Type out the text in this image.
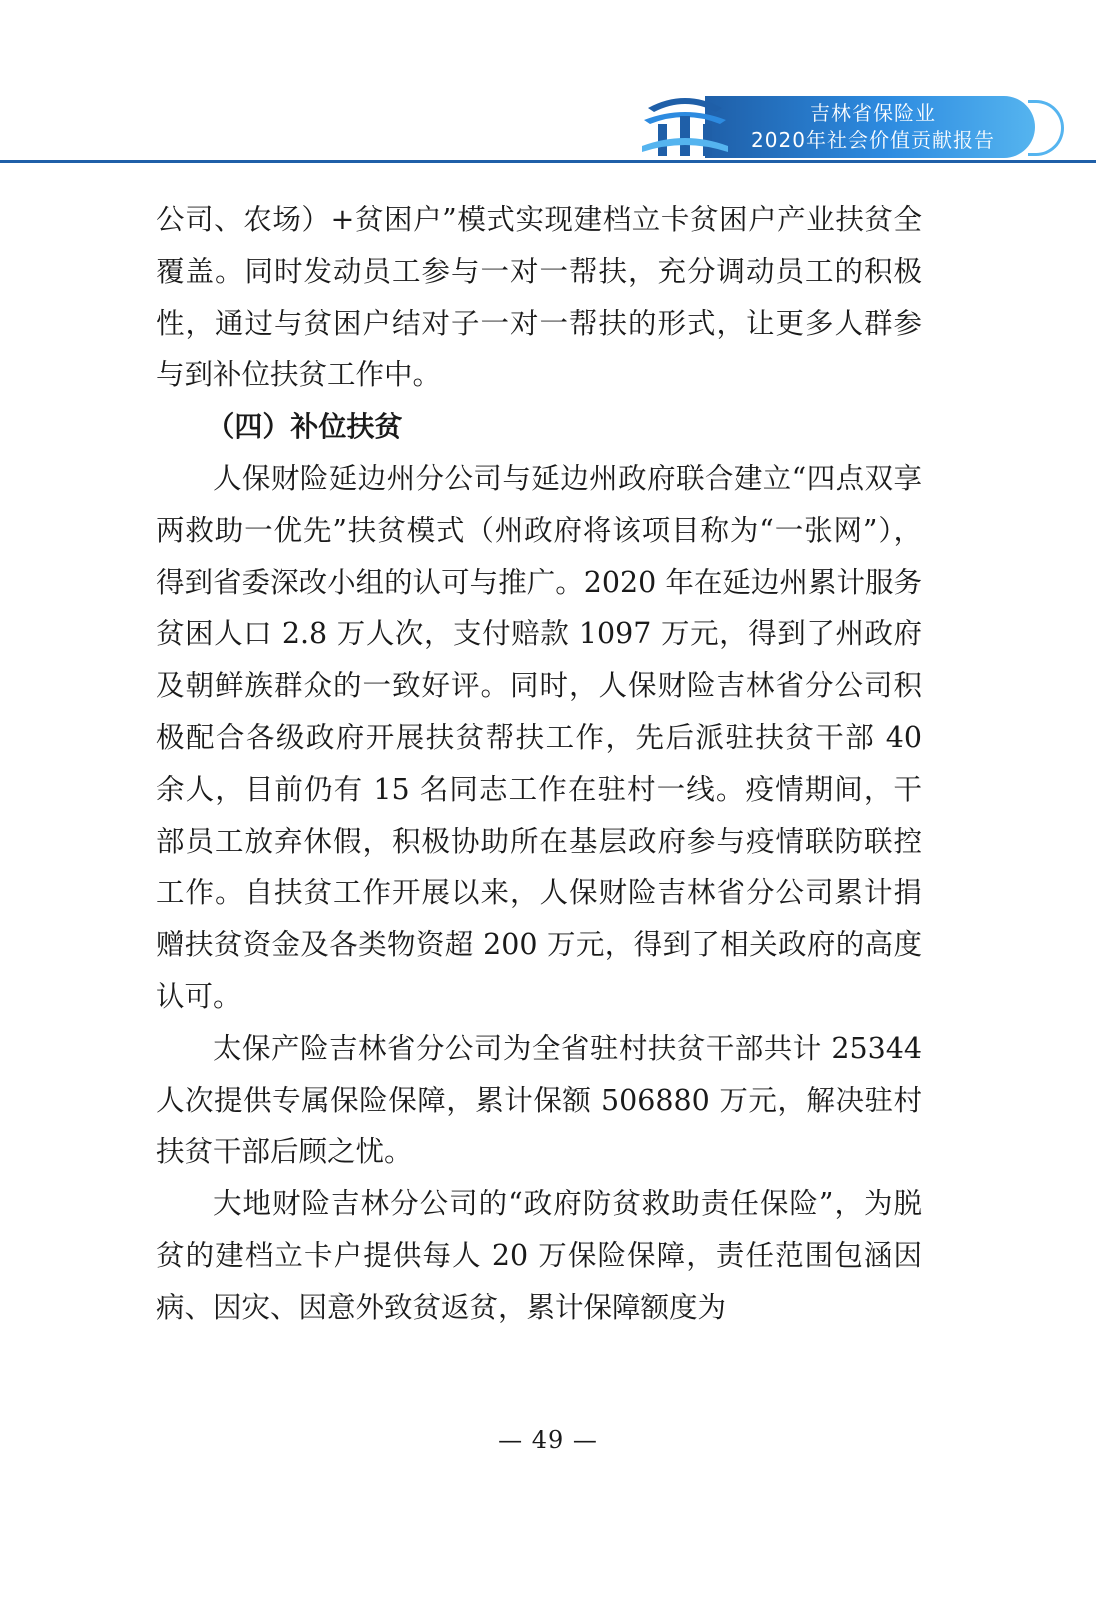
吉林省保险业
2020年社会价值贡献报告

公司、农场）+贫困户”模式实现建档立卡贫困户产业扶贫全覆盖。同时发动员工参与一对一帮扶，充分调动员工的积极性，通过与贫困户结对子一对一帮扶的形式，让更多人群参与到补位扶贫工作中。

（四）补位扶贫

人保财险延边州分公司与延边州政府联合建立“四点双享两救助一优先”扶贫模式（州政府将该项目称为“一张网”），得到省委深改小组的认可与推广。2020 年在延边州累计服务贫困人口 2.8 万人次，支付赔款 1097 万元，得到了州政府及朝鲜族群众的一致好评。同时，人保财险吉林省分公司积极配合各级政府开展扶贫帮扶工作，先后派驻扶贫干部 40 余人，目前仍有 15 名同志工作在驻村一线。疫情期间，干部员工放弃休假，积极协助所在基层政府参与疫情联防联控工作。自扶贫工作开展以来，人保财险吉林省分公司累计捐赠扶贫资金及各类物资超 200 万元，得到了相关政府的高度认可。

太保产险吉林省分公司为全省驻村扶贫干部共计 25344 人次提供专属保险保障，累计保额 506880 万元，解决驻村扶贫干部后顾之忧。

大地财险吉林分公司的“政府防贫救助责任保险”，为脱贫的建档立卡户提供每人 20 万保险保障，责任范围包涵因病、因灾、因意外致贫返贫，累计保障额度为

— 49 —
